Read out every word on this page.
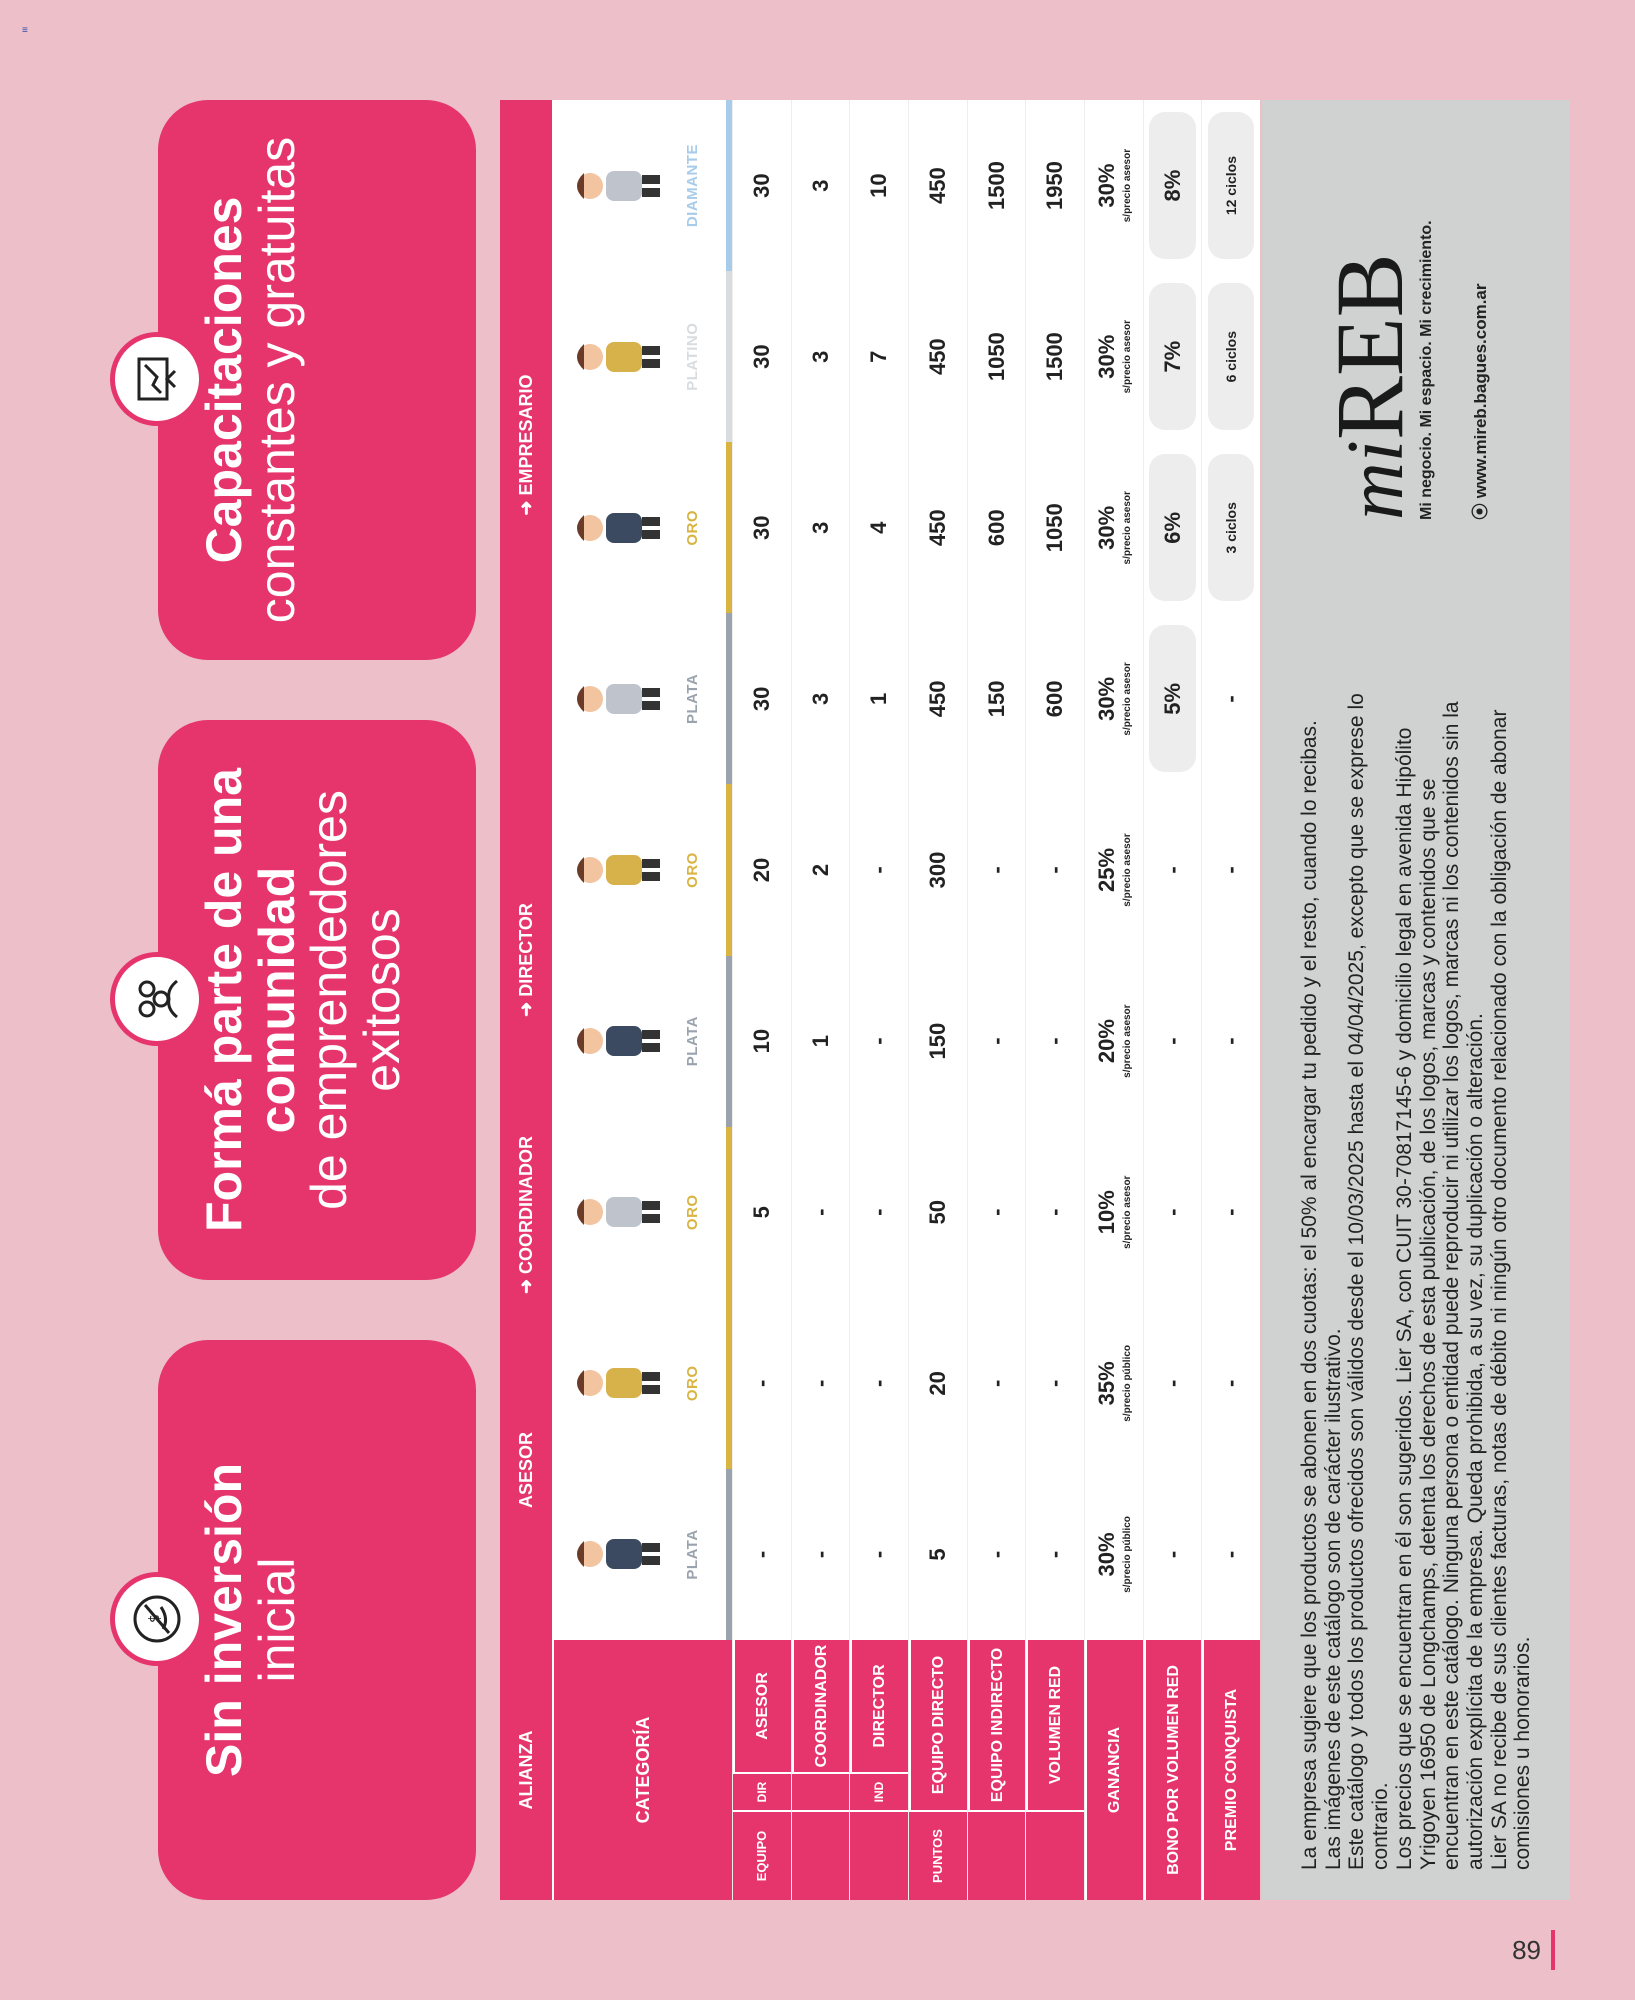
≡
$ Sin inversión
inicial
Formá parte de una comunidad
de emprendedores exitosos
Capacitaciones
constantes y gratuitas
ALIANZA
ASESOR
➜
COORDINADOR
➜
DIRECTOR
➜
EMPRESARIO
CATEGORÍA
PLATA
ORO
ORO
PLATA
ORO
PLATA
ORO
PLATINO
DIAMANTE
EQUIPO
DIR
ASESOR
-
-
5
10
20
30
30
30
30
COORDINADOR
-
-
-
1
2
3
3
3
3
IND
DIRECTOR
-
-
-
-
-
1
4
7
10
PUNTOS
EQUIPO DIRECTO
5
20
50
150
300
450
450
450
450
EQUIPO INDIRECTO
-
-
-
-
-
150
600
1050
1500
VOLUMEN RED
-
-
-
-
-
600
1050
1500
1950
GANANCIA
30% s/precio público
35% s/precio público
10% s/precio asesor
20% s/precio asesor
25% s/precio asesor
30% s/precio asesor
30% s/precio asesor
30% s/precio asesor
30% s/precio asesor
BONO POR VOLUMEN RED
-
-
-
-
-
5%
6%
7%
8%
PREMIO CONQUISTA
-
-
-
-
-
-
3 ciclos
6 ciclos
12 ciclos
La empresa sugiere que los productos se abonen en dos cuotas: el 50% al encargar tu pedido y el resto, cuando lo recibas. Las imágenes de este catálogo son de carácter ilustrativo. Este catálogo y todos los productos ofrecidos son válidos desde el 10/03/2025 hasta el 04/04/2025, excepto que se exprese lo contrario. Los precios que se encuentran en él son sugeridos. Lier SA, con CUIT 30-70817145-6 y domicilio legal en avenida Hipólito Yrigoyen 16950 de Longchamps, detenta los derechos de esta publicación, de los logos, marcas y contenidos que se encuentran en este catálogo. Ninguna persona o entidad puede reproducir ni utilizar los logos, marcas ni los contenidos sin la autorización explícita de la empresa. Queda prohibida, a su vez, su duplicación o alteración. Lier SA no recibe de sus clientes facturas, notas de débito ni ningún otro documento relacionado con la obligación de abonar comisiones u honorarios.
miREB
Mi negocio. Mi espacio. Mi crecimiento. ⦿ www.mireb.bagues.com.ar
89
